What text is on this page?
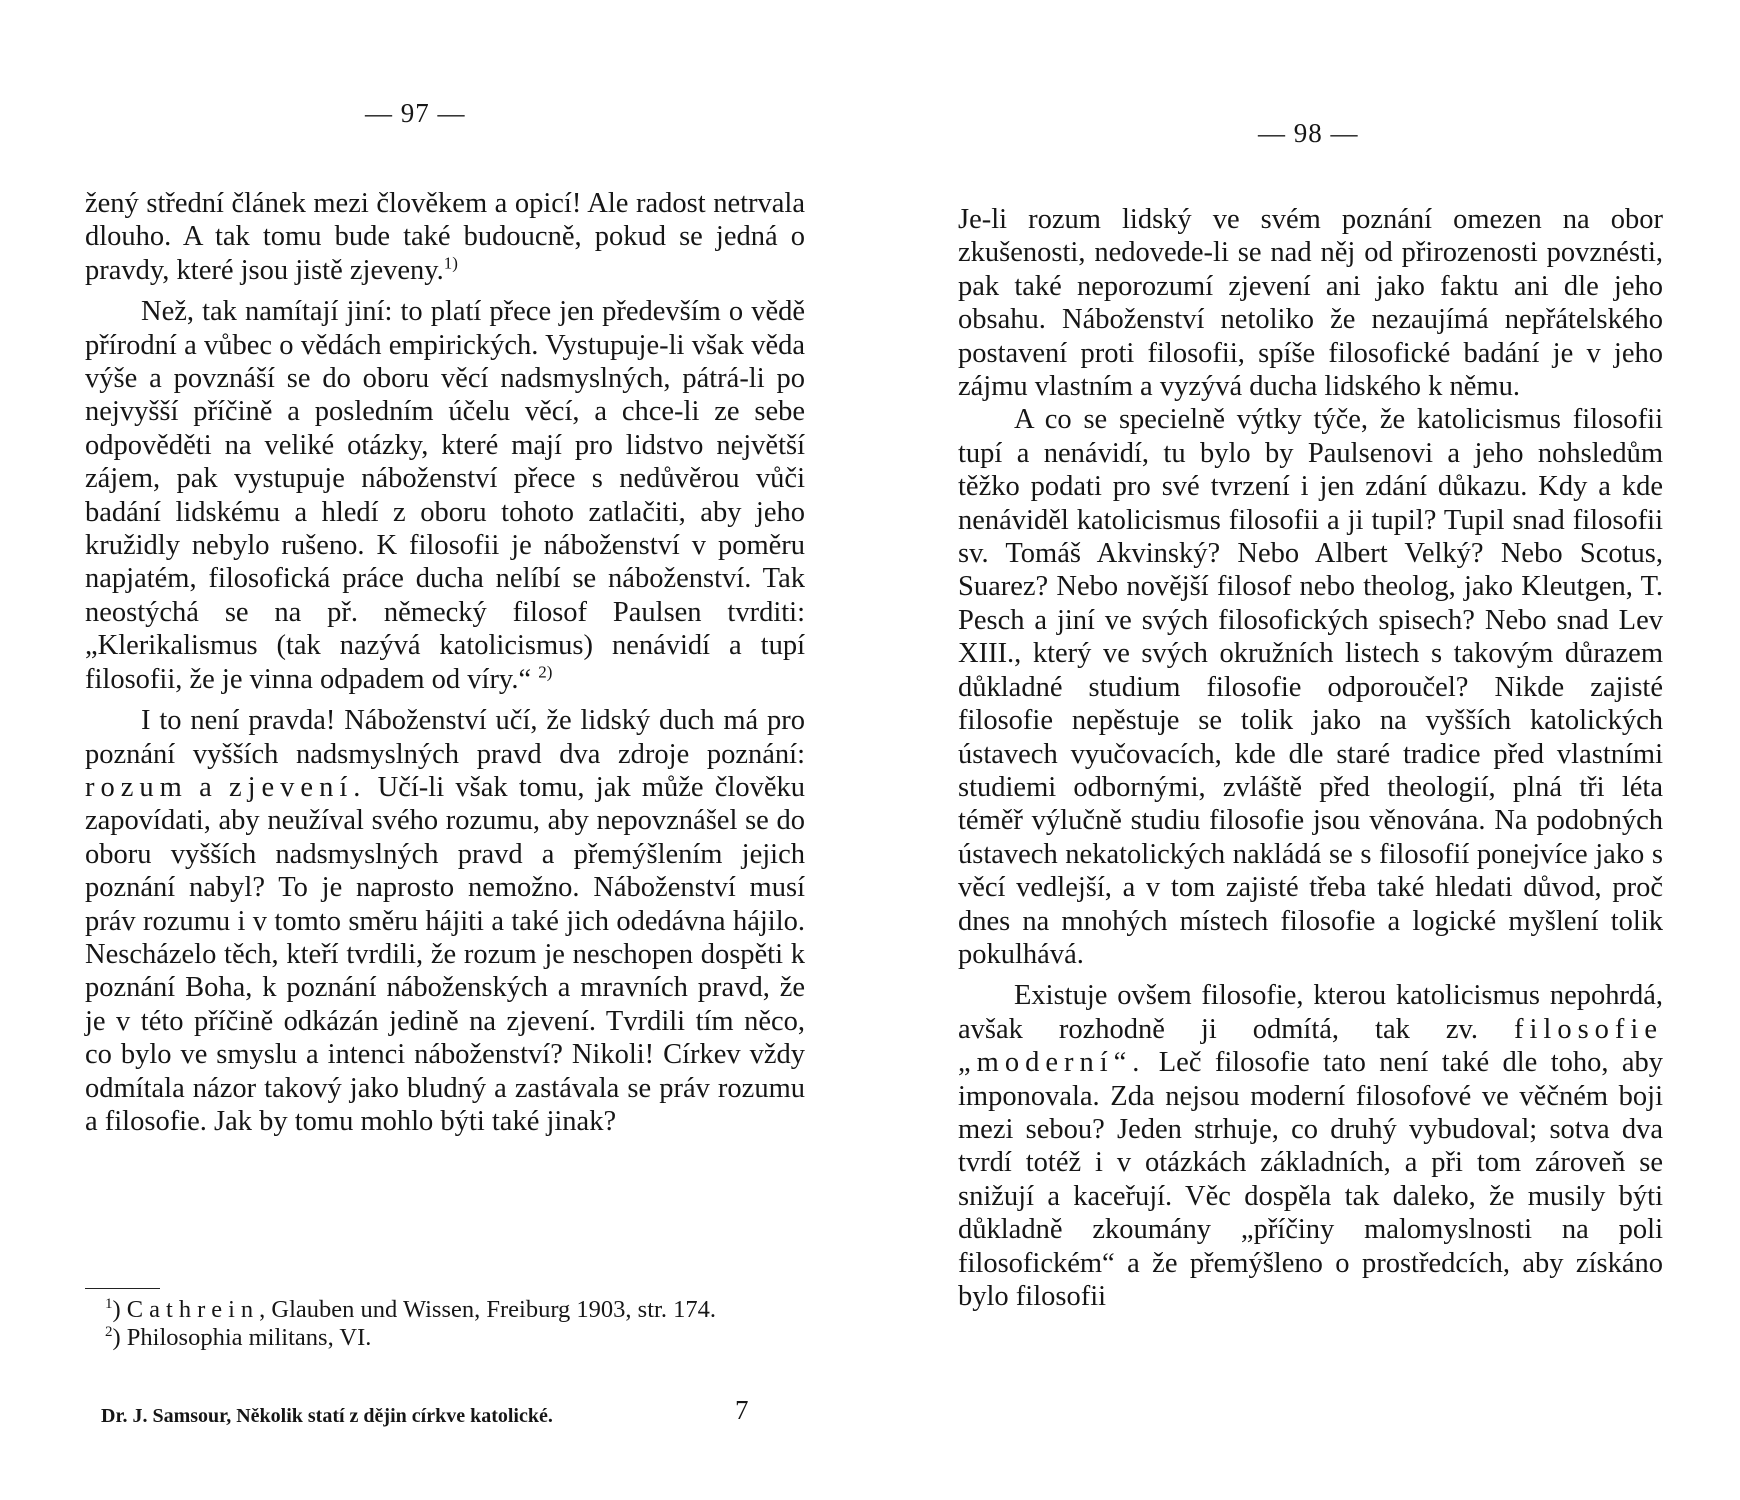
— 97 —

žený střední článek mezi člověkem a opicí! Ale radost netrvala dlouho. A tak tomu bude také budoucně, pokud se jedná o pravdy, které jsou jistě zjeveny.$^{1)}$

Než, tak namítají jiní: to platí přece jen především o vědě přírodní a vůbec o vědách empirických. Vystupuje-li však věda výše a povznáší se do oboru věcí nadsmyslných, pátrá-li po nejvyšší příčině a posledním účelu věcí, a chce-li ze sebe odpověděti na veliké otázky, které mají pro lidstvo největší zájem, pak vystupuje náboženství přece s nedůvěrou vůči badání lidskému a hledí z oboru tohoto zatlačiti, aby jeho kružidly nebylo rušeno. K filosofii je náboženství v poměru napjatém, filosofická práce ducha nelíbí se náboženství. Tak neostýchá se na př. německý filosof Paulsen tvrditi: „Klerikalismus (tak nazývá katolicismus) nenávidí a tupí filosofii, že je vinna odpadem od víry.“ $^{2)}$

I to není pravda! Náboženství učí, že lidský duch má pro poznání vyšších nadsmyslných pravd dva zdroje poznání: rozum a zjevení. Učí-li však tomu, jak může člověku zapovídati, aby neužíval svého rozumu, aby nepovznášel se do oboru vyšších nadsmyslných pravd a přemýšlením jejich poznání nabyl? To je naprosto nemožno. Náboženství musí práv rozumu i v tomto směru hájiti a také jich odedávna hájilo. Nescházelo těch, kteří tvrdili, že rozum je neschopen dospěti k poznání Boha, k poznání náboženských a mravních pravd, že je v této příčině odkázán jedině na zjevení. Tvrdili tím něco, co bylo ve smyslu a intenci náboženství? Nikoli! Církev vždy odmítala názor takový jako bludný a zastávala se práv rozumu a filosofie. Jak by tomu mohlo býti také jinak?

$^1$) Cathrein, Glauben und Wissen, Freiburg 1903, str. 174.

$^2$) Philosophia militans, VI.

Dr. J. Samsour, Několik statí z dějin církve katolické.	7
— 98 —

Je-li rozum lidský ve svém poznání omezen na obor zkušenosti, nedovede-li se nad něj od přirozenosti povznésti, pak také neporozumí zjevení ani jako faktu ani dle jeho obsahu. Náboženství netoliko že nezaujímá nepřátelského postavení proti filosofii, spíše filosofické badání je v jeho zájmu vlastním a vyzývá ducha lidského k němu.

A co se specielně výtky týče, že katolicismus filosofii tupí a nenávidí, tu bylo by Paulsenovi a jeho nohsledům těžko podati pro své tvrzení i jen zdání důkazu. Kdy a kde nenáviděl katolicismus filosofii a ji tupil? Tupil snad filosofii sv. Tomáš Akvinský? Nebo Albert Velký? Nebo Scotus, Suarez? Nebo novější filosof nebo theolog, jako Kleutgen, T. Pesch a jiní ve svých filosofických spisech? Nebo snad Lev XIII., který ve svých okružních listech s takovým důrazem důkladné studium filosofie odporoučel? Nikde zajisté filosofie nepěstuje se tolik jako na vyšších katolických ústavech vyučovacích, kde dle staré tradice před vlastními studiemi odbornými, zvláště před theologií, plná tři léta téměř výlučně studiu filosofie jsou věnována. Na podobných ústavech nekatolických nakládá se s filosofií ponejvíce jako s věcí vedlejší, a v tom zajisté třeba také hledati důvod, proč dnes na mnohých místech filosofie a logické myšlení tolik pokulhává.

Existuje ovšem filosofie, kterou katolicismus nepohrdá, avšak rozhodně ji odmítá, tak zv. filosofie „moderní“. Leč filosofie tato není také dle toho, aby imponovala. Zda nejsou moderní filosofové ve věčném boji mezi sebou? Jeden strhuje, co druhý vybudoval; sotva dva tvrdí totéž i v otázkách základních, a při tom zároveň se snižují a kaceřují. Věc dospěla tak daleko, že musily býti důkladně zkoumány „příčiny malomyslnosti na poli filosofickém“ a že přemýšleno o prostředcích, aby získáno bylo filosofii
